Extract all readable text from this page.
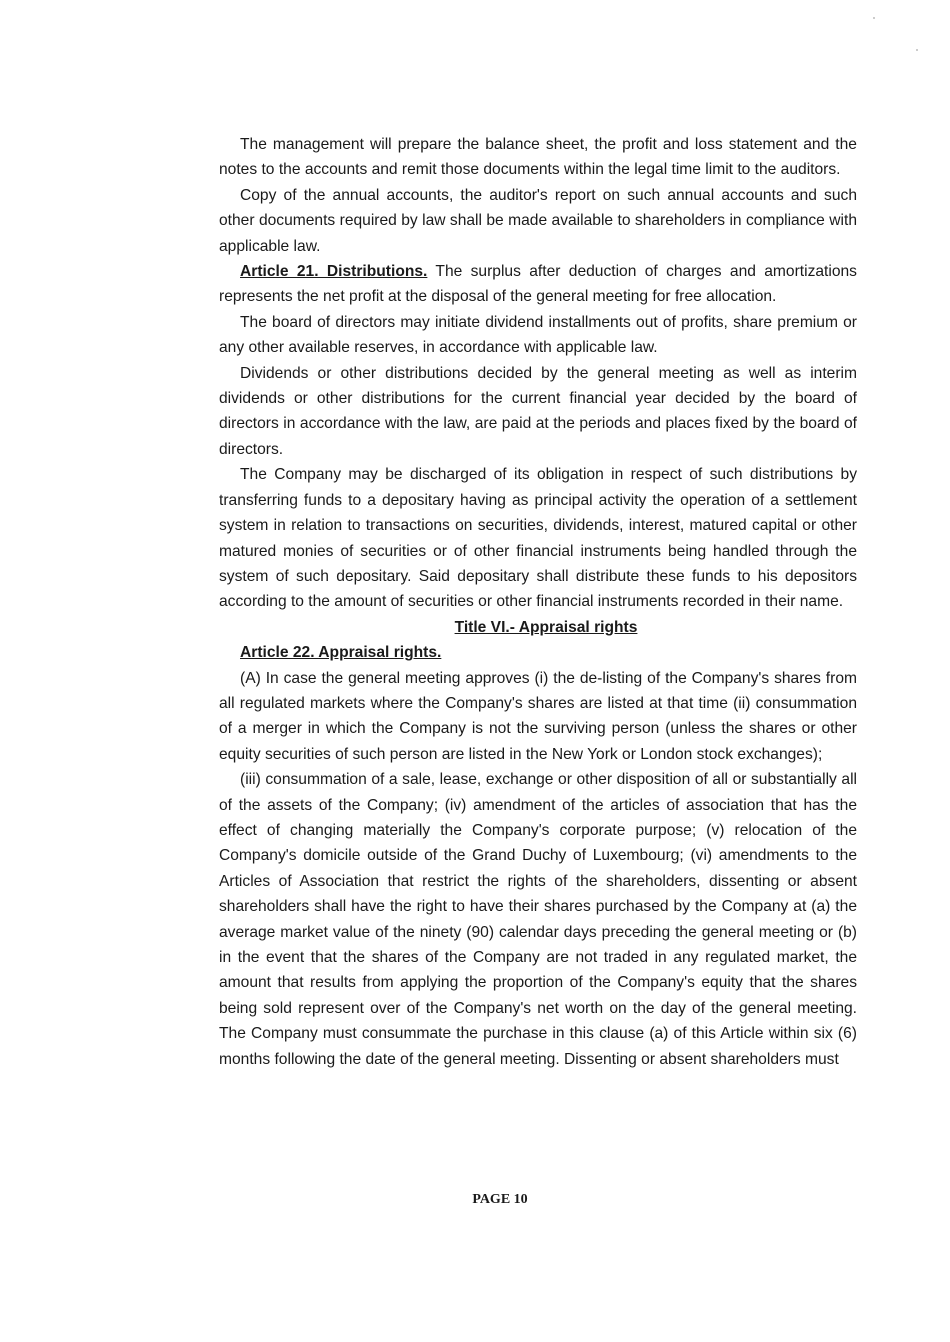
The management will prepare the balance sheet, the profit and loss statement and the notes to the accounts and remit those documents within the legal time limit to the auditors.

Copy of the annual accounts, the auditor's report on such annual accounts and such other documents required by law shall be made available to shareholders in compliance with applicable law.

Article 21. Distributions. The surplus after deduction of charges and amortizations represents the net profit at the disposal of the general meeting for free allocation.

The board of directors may initiate dividend installments out of profits, share premium or any other available reserves, in accordance with applicable law.

Dividends or other distributions decided by the general meeting as well as interim dividends or other distributions for the current financial year decided by the board of directors in accordance with the law, are paid at the periods and places fixed by the board of directors.

The Company may be discharged of its obligation in respect of such distributions by transferring funds to a depositary having as principal activity the operation of a settlement system in relation to transactions on securities, dividends, interest, matured capital or other matured monies of securities or of other financial instruments being handled through the system of such depositary. Said depositary shall distribute these funds to his depositors according to the amount of securities or other financial instruments recorded in their name.

Title VI.- Appraisal rights
Article 22. Appraisal rights.

(A) In case the general meeting approves (i) the de-listing of the Company's shares from all regulated markets where the Company's shares are listed at that time (ii) consummation of a merger in which the Company is not the surviving person (unless the shares or other equity securities of such person are listed in the New York or London stock exchanges);

(iii) consummation of a sale, lease, exchange or other disposition of all or substantially all of the assets of the Company; (iv) amendment of the articles of association that has the effect of changing materially the Company's corporate purpose; (v) relocation of the Company's domicile outside of the Grand Duchy of Luxembourg; (vi) amendments to the Articles of Association that restrict the rights of the shareholders, dissenting or absent shareholders shall have the right to have their shares purchased by the Company at (a) the average market value of the ninety (90) calendar days preceding the general meeting or (b) in the event that the shares of the Company are not traded in any regulated market, the amount that results from applying the proportion of the Company's equity that the shares being sold represent over of the Company's net worth on the day of the general meeting. The Company must consummate the purchase in this clause (a) of this Article within six (6) months following the date of the general meeting. Dissenting or absent shareholders must

PAGE 10
